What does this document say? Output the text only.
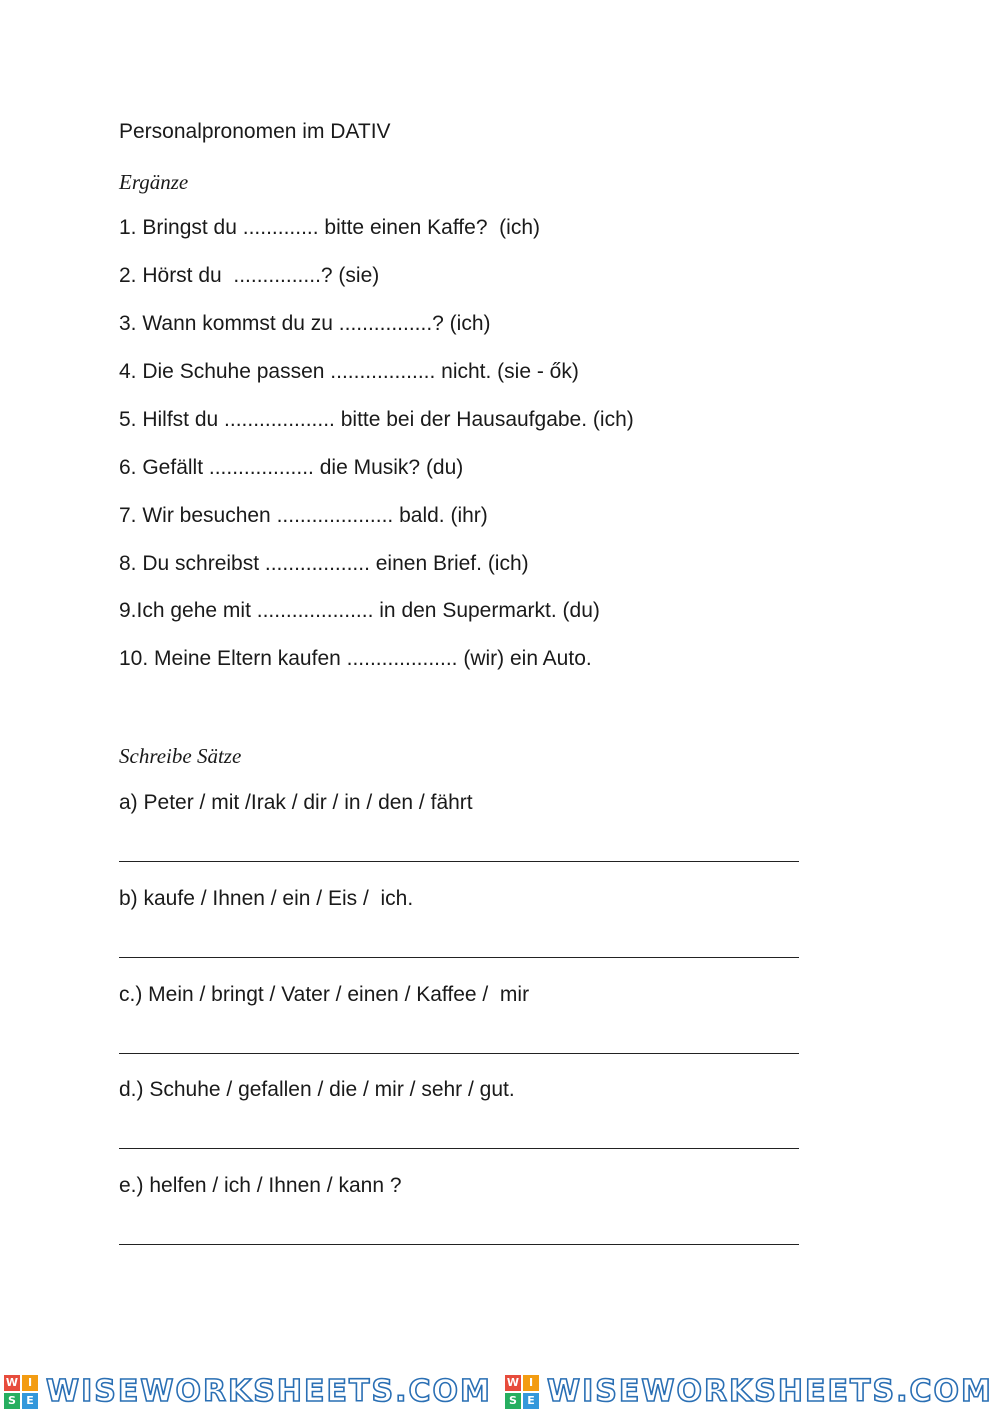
Personalpronomen im DATIV
Ergänze
1. Bringst du ............. bitte einen Kaffe?  (ich)
2. Hörst du  ...............? (sie)
3. Wann kommst du zu ................? (ich)
4. Die Schuhe passen .................. nicht. (sie - ők)
5. Hilfst du ................... bitte bei der Hausaufgabe. (ich)
6. Gefällt .................. die Musik? (du)
7. Wir besuchen .................... bald. (ihr)
8. Du schreibst .................. einen Brief. (ich)
9.Ich gehe mit .................... in den Supermarkt. (du)
10. Meine Eltern kaufen ................... (wir) ein Auto.
Schreibe Sätze
a) Peter / mit /Irak / dir / in / den / fährt
b) kaufe / Ihnen / ein / Eis /  ich.
c.) Mein / bringt / Vater / einen / Kaffee /  mir
d.) Schuhe / gefallen / die / mir / sehr / gut.
e.) helfen / ich / Ihnen / kann ?
W I
S E WISEWORKSHEETS.COM W I
S E WISEWORKSHEETS.COM
